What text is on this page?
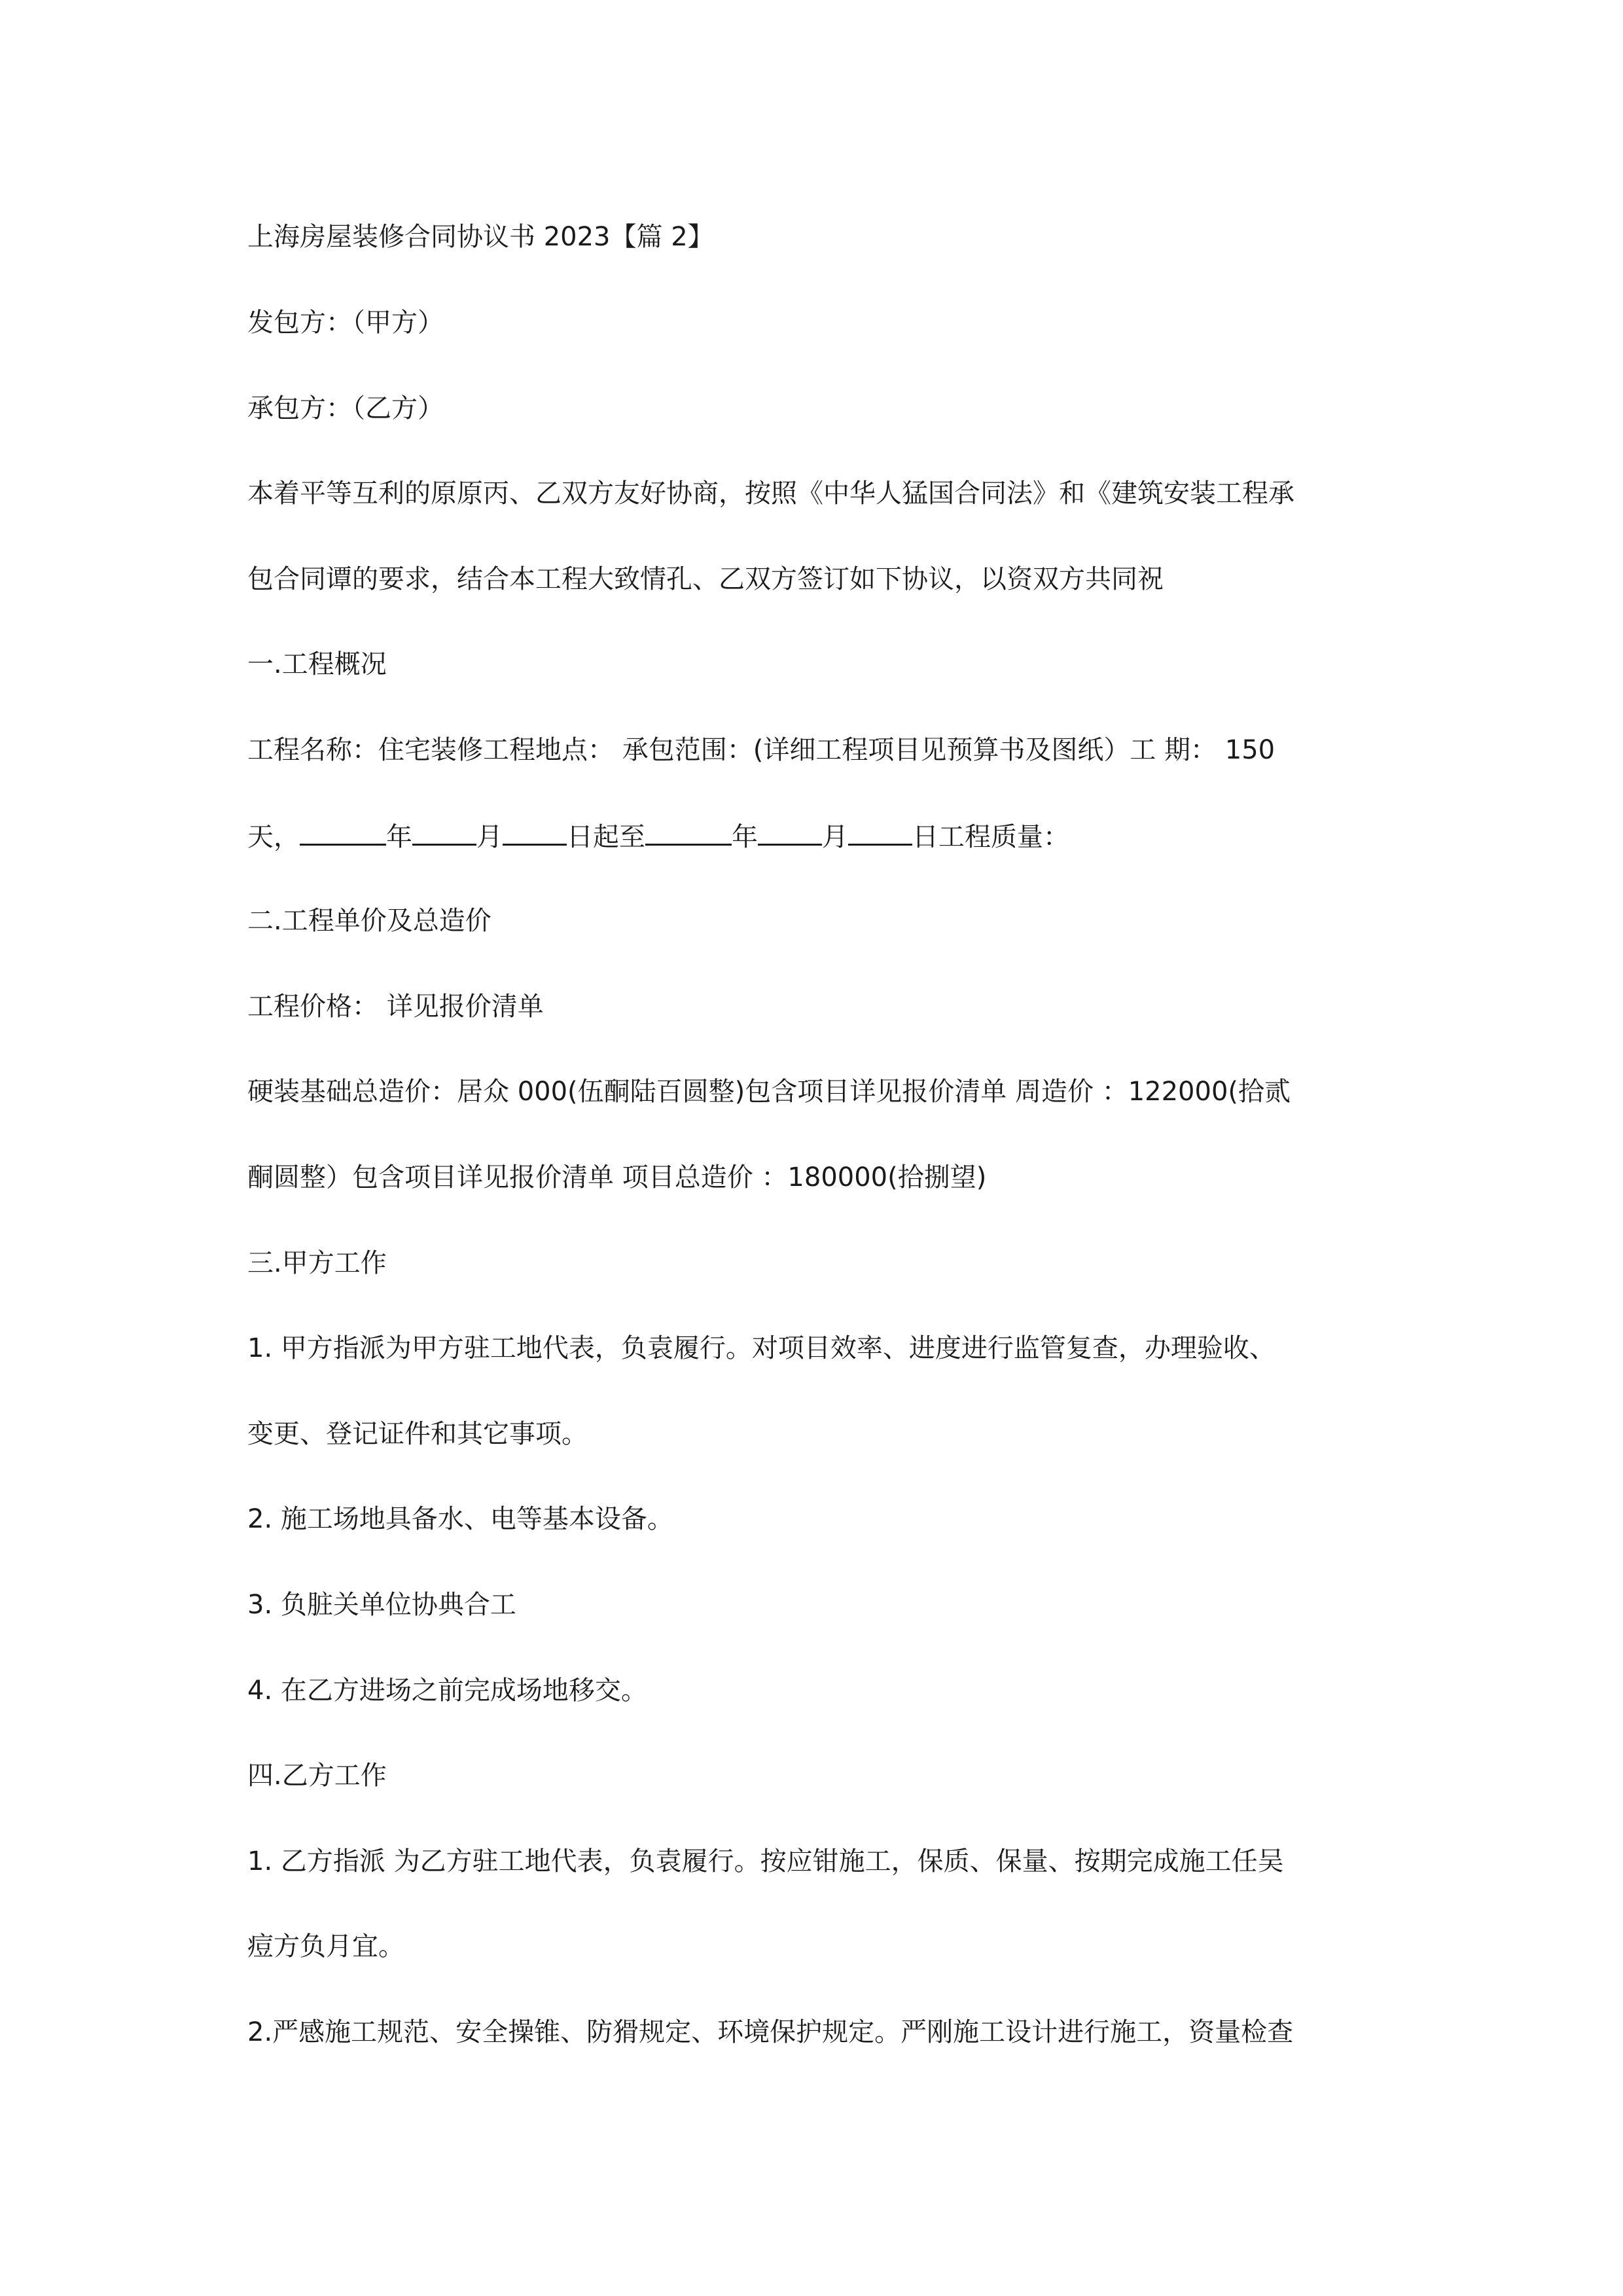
上海房屋装修合同协议书 2023【篇 2】
发包方：（甲方）
承包方：（乙方）
本着平等互利的原原丙、乙双方友好协商，按照《中华人猛国合同法》和《建筑安装工程承
包合同谭的要求，结合本工程大致情孔、乙双方签订如下协议，以资双方共同祝
一.工程概况
工程名称：住宅装修工程地点： 承包范围：(详细工程项目见预算书及图纸）工 期： 150
天，	年 月 日起至	年 月 日工程质量：
二.工程单价及总造价
工程价格： 详见报价清单
硬装基础总造价：居众 000(伍酮陆百圆整)包含项目详见报价清单 周造价 ：122000(拾贰
酮圆整）包含项目详见报价清单 项目总造价 ：180000(拾捌望)
三.甲方工作
1. 甲方指派为甲方驻工地代表，负袁履行。对项目效率、进度进行监管复查，办理验收、
变更、登记证件和其它事项。
2. 施工场地具备水、电等基本设备。
3. 负脏关单位协典合工
4. 在乙方进场之前完成场地移交。
四.乙方工作
1. 乙方指派 为乙方驻工地代表，负袁履行。按应钳施工，保质、保量、按期完成施工任吴
痘方负月宜。
2.严感施工规范、安全操锥、防猾规定、环境保护规定。严刚施工设计进行施工，资量检查
